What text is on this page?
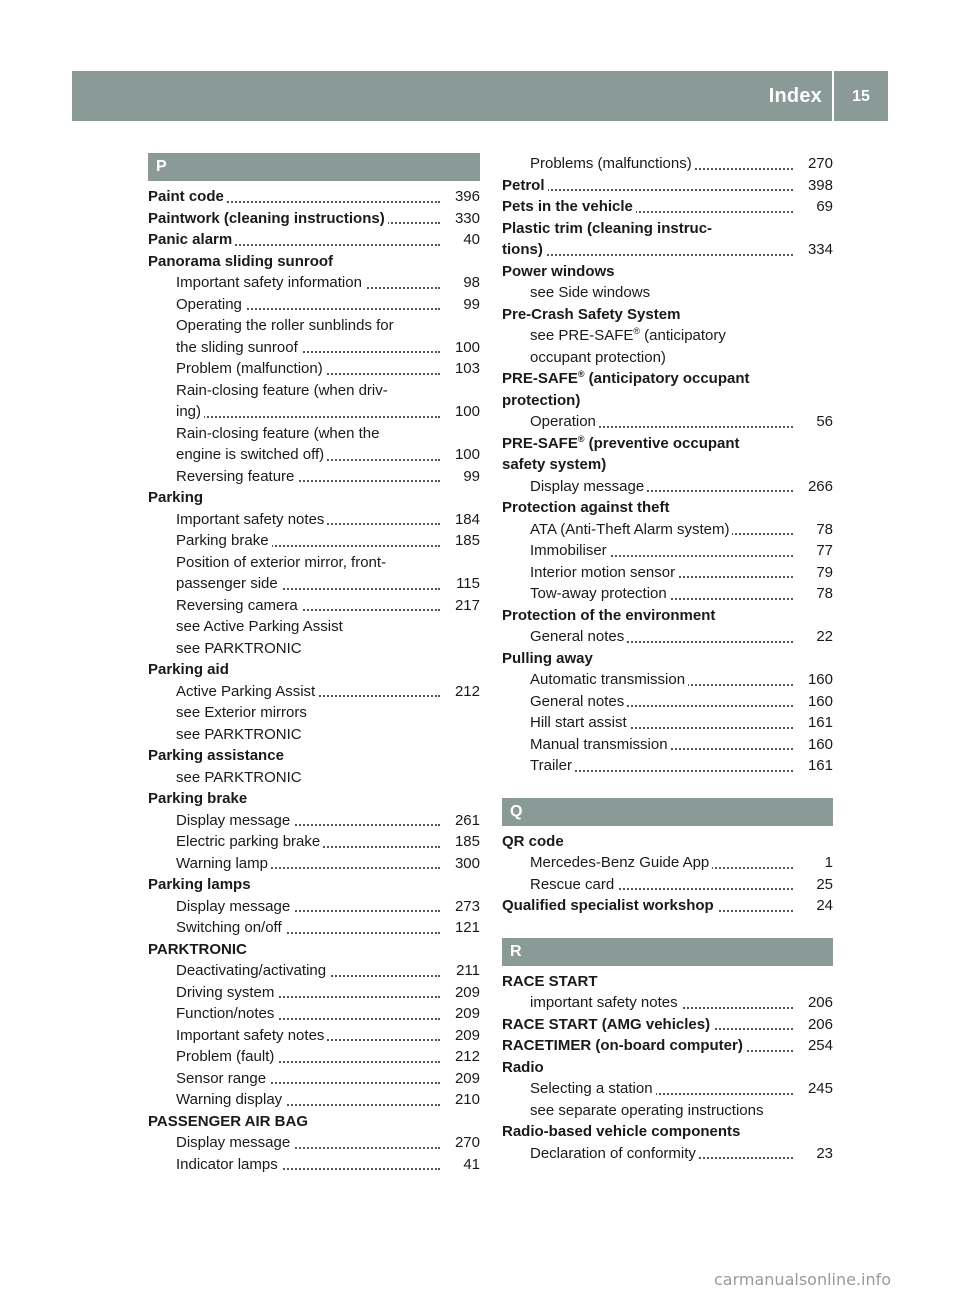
Index	15
P
Paint code	396
Paintwork (cleaning instructions)	330
Panic alarm	40
Panorama sliding sunroof
Important safety information	98
Operating	99
Operating the roller sunblinds for
the sliding sunroof	100
Problem (malfunction)	103
Rain-closing feature (when driv-
ing)	100
Rain-closing feature (when the
engine is switched off)	100
Reversing feature	99
Parking
Important safety notes	184
Parking brake	185
Position of exterior mirror, front-
passenger side	115
Reversing camera	217
see Active Parking Assist
see PARKTRONIC
Parking aid
Active Parking Assist	212
see Exterior mirrors
see PARKTRONIC
Parking assistance
see PARKTRONIC
Parking brake
Display message	261
Electric parking brake	185
Warning lamp	300
Parking lamps
Display message	273
Switching on/off	121
PARKTRONIC
Deactivating/activating	211
Driving system	209
Function/notes	209
Important safety notes	209
Problem (fault)	212
Sensor range	209
Warning display	210
PASSENGER AIR BAG
Display message	270
Indicator lamps	41
Problems (malfunctions)	270
Petrol	398
Pets in the vehicle	69
Plastic trim (cleaning instruc-
tions)	334
Power windows
see Side windows
Pre-Crash Safety System
see PRE-SAFE® (anticipatory
occupant protection)
PRE-SAFE® (anticipatory occupant
protection)
Operation	56
PRE-SAFE® (preventive occupant
safety system)
Display message	266
Protection against theft
ATA (Anti-Theft Alarm system)	78
Immobiliser	77
Interior motion sensor	79
Tow-away protection	78
Protection of the environment
General notes	22
Pulling away
Automatic transmission	160
General notes	160
Hill start assist	161
Manual transmission	160
Trailer	161
Q
QR code
Mercedes-Benz Guide App	1
Rescue card	25
Qualified specialist workshop	24
R
RACE START
important safety notes	206
RACE START (AMG vehicles)	206
RACETIMER (on-board computer)	254
Radio
Selecting a station	245
see separate operating instructions
Radio-based vehicle components
Declaration of conformity	23
carmanualsonline.info
